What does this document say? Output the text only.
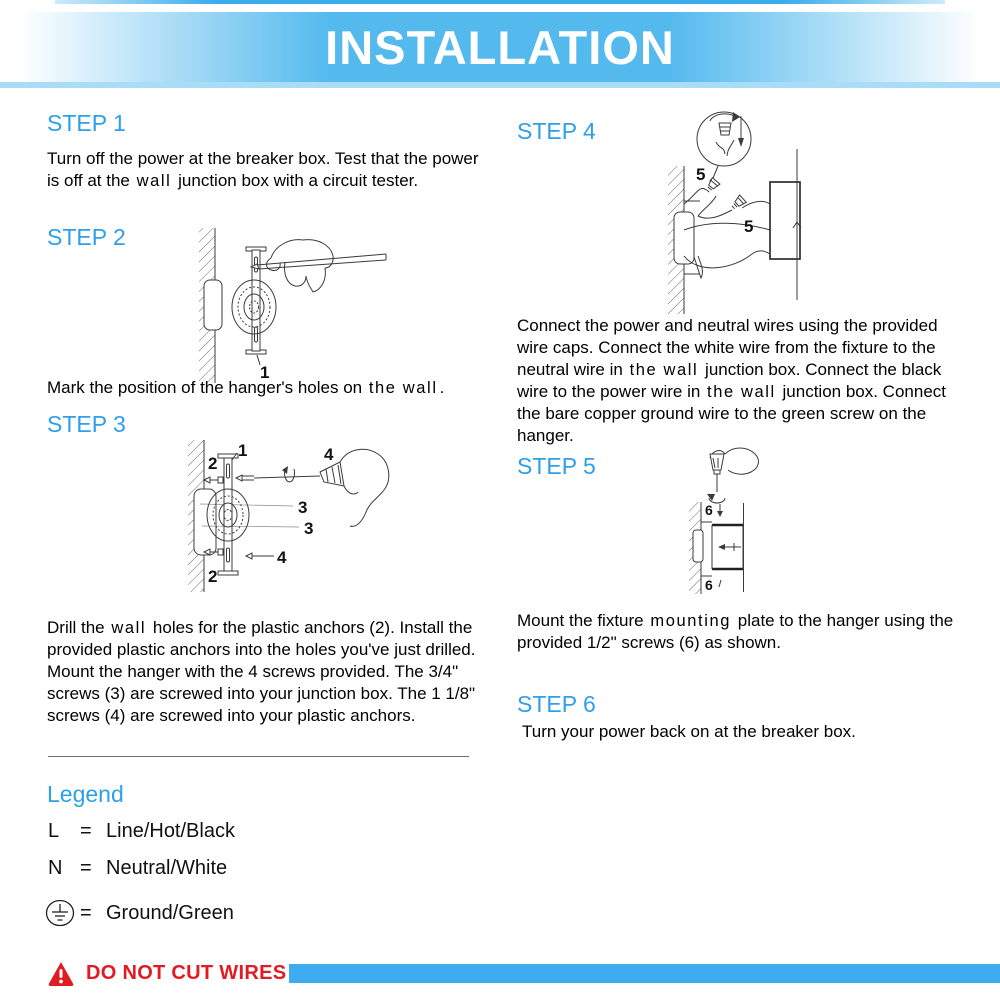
INSTALLATION
STEP 1
Turn off the power at the breaker box. Test that the power is off at the wall junction box with a circuit tester.
STEP 2
1
Mark the position of the hanger's holes on the wall .
STEP 3
1
2
2
3
3
4
4
Drill the wall holes for the plastic anchors (2). Install the provided plastic anchors into the holes you've just drilled. Mount the hanger with the 4 screws provided. The 3/4" screws (3) are screwed into your junction box. The 1 1/8" screws (4) are screwed into your plastic anchors.
Legend
L	= Line/Hot/Black
N = Neutral/White
= Ground/Green
STEP 4
5
5
Connect the power and neutral wires using the provided wire caps. Connect the white wire from the fixture to the neutral wire in the wall junction box. Connect the black wire to the power wire in the wall junction box. Connect the bare copper ground wire to the green screw on the hanger.
STEP 5
6
6
Mount the fixture mounting plate to the hanger using the provided 1/2" screws (6) as shown.
STEP 6
Turn your power back on at the breaker box.
DO NOT CUT WIRES
